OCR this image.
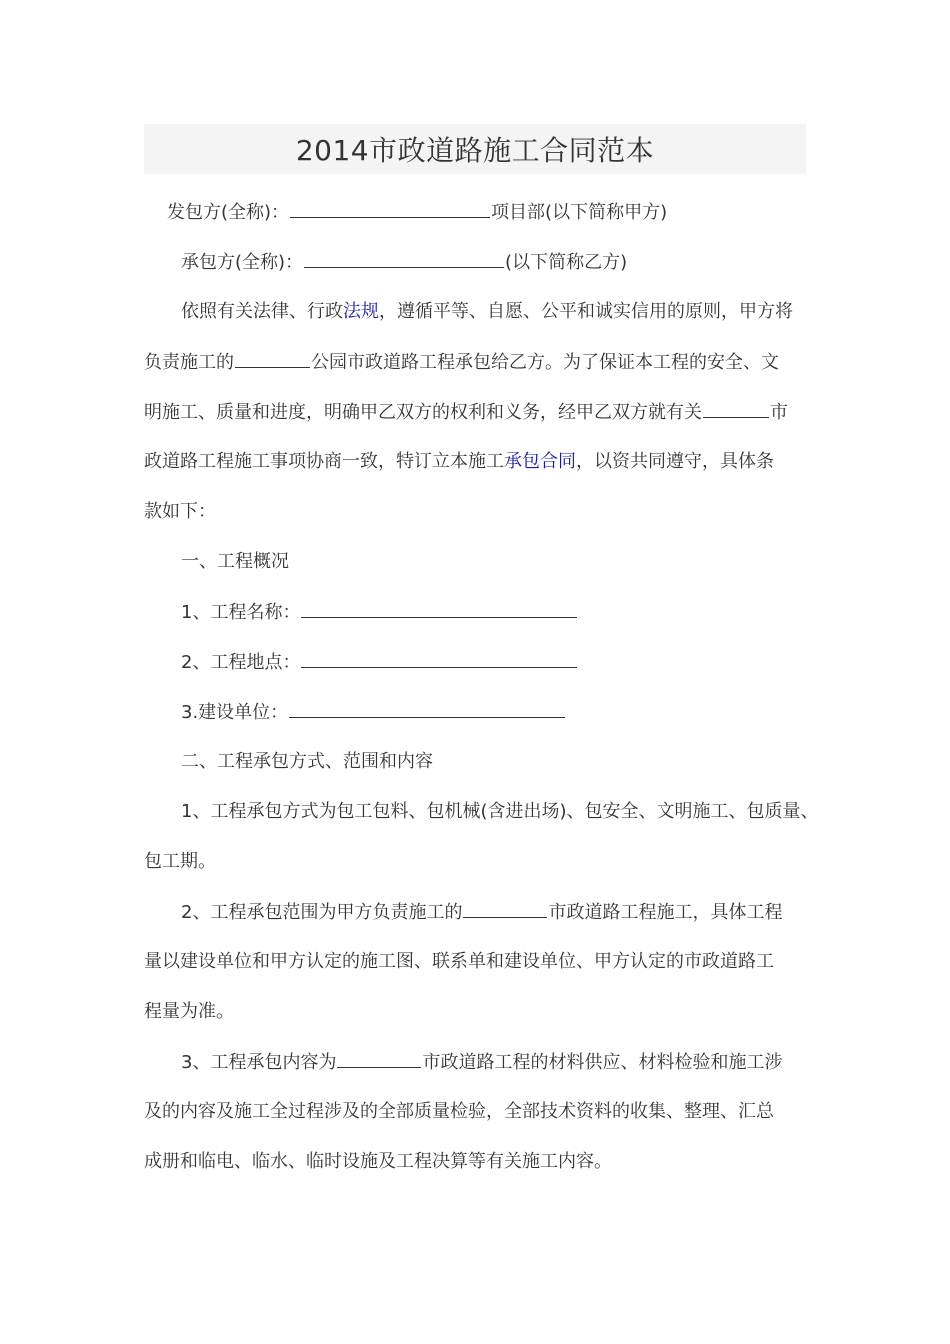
2014市政道路施工合同范本
发包方(全称)：	项目部(以下简称甲方)
承包方(全称)：	(以下简称乙方)
依照有关法律、行政法规，遵循平等、自愿、公平和诚实信用的原则，甲方将
负责施工的	公园市政道路工程承包给乙方。为了保证本工程的安全、文
明施工、质量和进度，明确甲乙双方的权利和义务，经甲乙双方就有关	市
政道路工程施工事项协商一致，特订立本施工承包合同，以资共同遵守，具体条
款如下：
一、工程概况
1、工程名称：
2、工程地点：
3.建设单位：
二、工程承包方式、范围和内容
1、工程承包方式为包工包料、包机械(含进出场)、包安全、文明施工、包质量、
包工期。
2、工程承包范围为甲方负责施工的	市政道路工程施工，具体工程
量以建设单位和甲方认定的施工图、联系单和建设单位、甲方认定的市政道路工
程量为准。
3、工程承包内容为	市政道路工程的材料供应、材料检验和施工涉
及的内容及施工全过程涉及的全部质量检验，全部技术资料的收集、整理、汇总
成册和临电、临水、临时设施及工程决算等有关施工内容。
